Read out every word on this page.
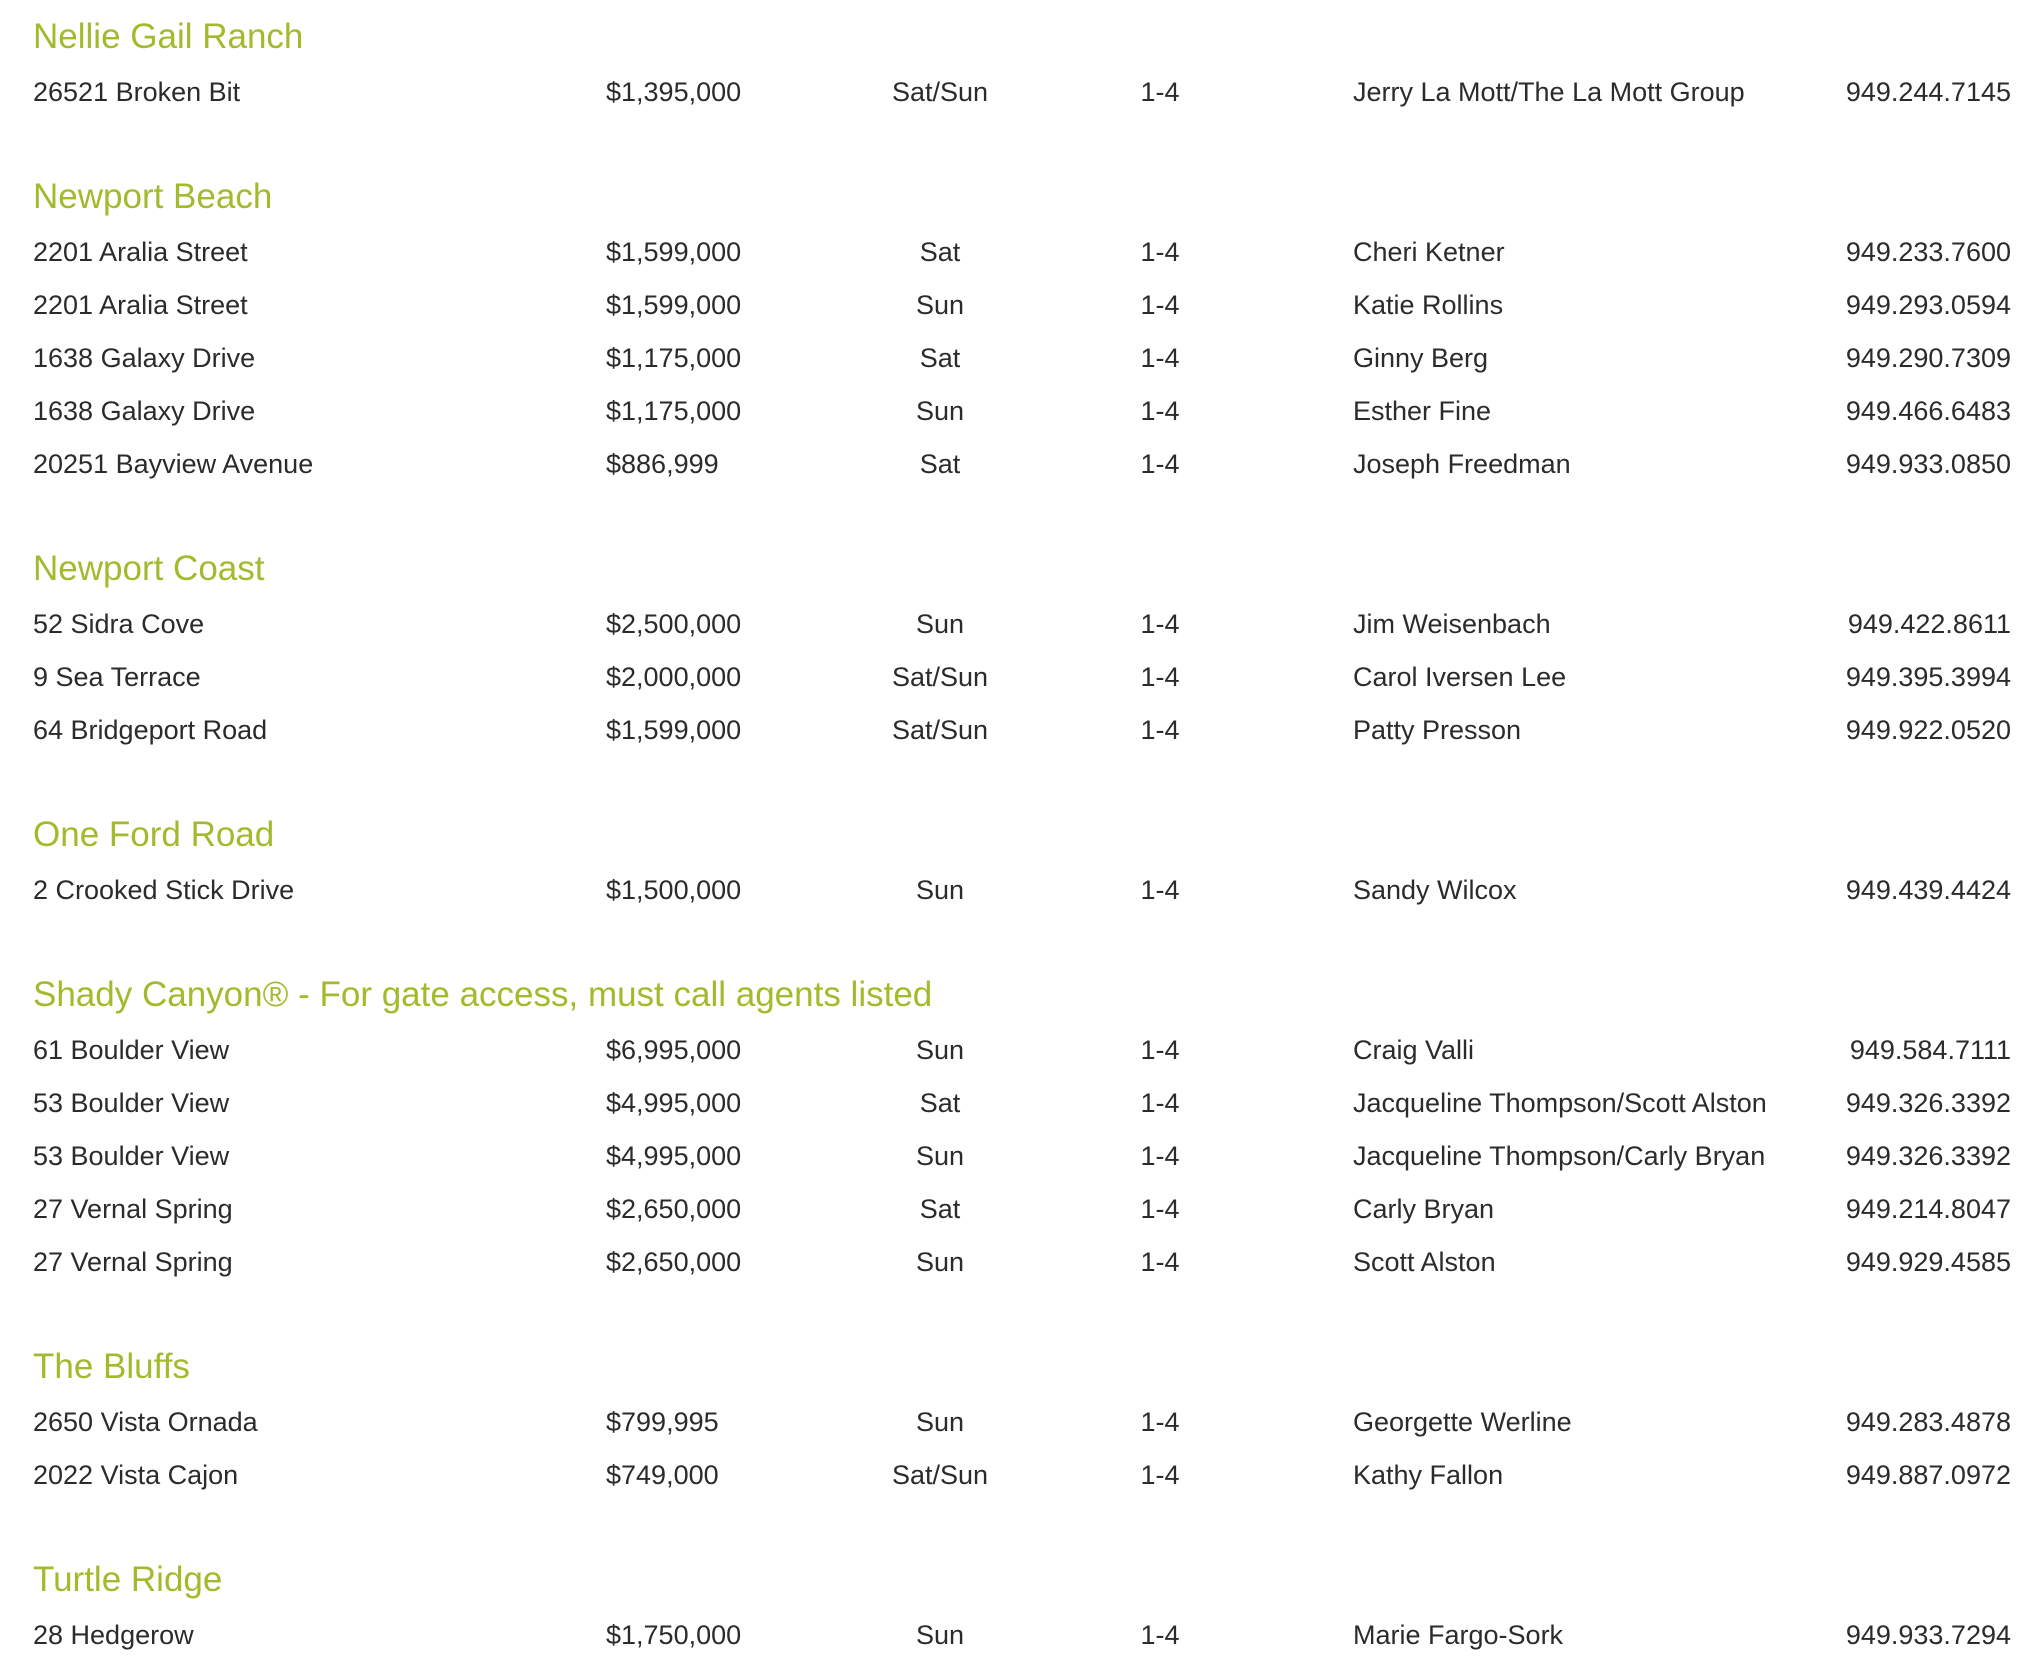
Nellie Gail Ranch
26521 Broken Bit	$1,395,000	Sat/Sun	1-4	Jerry La Mott/The La Mott Group	949.244.7145
Newport Beach
2201 Aralia Street	$1,599,000	Sat	1-4	Cheri Ketner	949.233.7600
2201 Aralia Street	$1,599,000	Sun	1-4	Katie Rollins	949.293.0594
1638 Galaxy Drive	$1,175,000	Sat	1-4	Ginny Berg	949.290.7309
1638 Galaxy Drive	$1,175,000	Sun	1-4	Esther Fine	949.466.6483
20251 Bayview Avenue	$886,999	Sat	1-4	Joseph Freedman	949.933.0850
Newport Coast
52 Sidra Cove	$2,500,000	Sun	1-4	Jim Weisenbach	949.422.8611
9 Sea Terrace	$2,000,000	Sat/Sun	1-4	Carol Iversen Lee	949.395.3994
64 Bridgeport Road	$1,599,000	Sat/Sun	1-4	Patty Presson	949.922.0520
One Ford Road
2 Crooked Stick Drive	$1,500,000	Sun	1-4	Sandy Wilcox	949.439.4424
Shady Canyon® - For gate access, must call agents listed
61 Boulder View	$6,995,000	Sun	1-4	Craig Valli	949.584.7111
53 Boulder View	$4,995,000	Sat	1-4	Jacqueline Thompson/Scott Alston	949.326.3392
53 Boulder View	$4,995,000	Sun	1-4	Jacqueline Thompson/Carly Bryan	949.326.3392
27 Vernal Spring	$2,650,000	Sat	1-4	Carly Bryan	949.214.8047
27 Vernal Spring	$2,650,000	Sun	1-4	Scott Alston	949.929.4585
The Bluffs
2650 Vista Ornada	$799,995	Sun	1-4	Georgette Werline	949.283.4878
2022 Vista Cajon	$749,000	Sat/Sun	1-4	Kathy Fallon	949.887.0972
Turtle Ridge
28 Hedgerow	$1,750,000	Sun	1-4	Marie Fargo-Sork	949.933.7294
